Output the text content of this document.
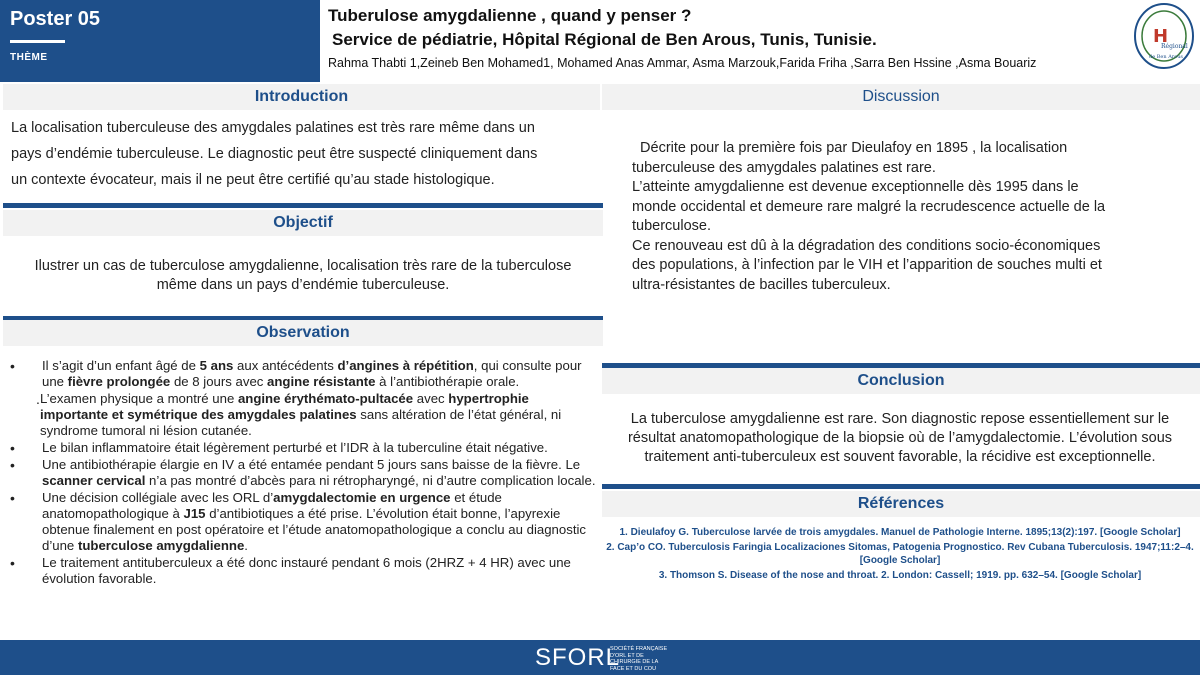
Poster 05
THÈME
Tuberulose amygdalienne , quand y penser ?
Service de pédiatrie, Hôpital Régional de Ben Arous, Tunis, Tunisie.
Rahma Thabti 1,Zeineb Ben Mohamed1, Mohamed Anas Ammar, Asma Marzouk,Farida Friha ,Sarra Ben Hssine ,Asma Bouariz
H
Régional
de Ben Arous
Introduction
La localisation tuberculeuse des amygdales palatines est très rare même dans un
pays d’endémie tuberculeuse. Le diagnostic peut être suspecté cliniquement dans
un contexte évocateur, mais il ne peut être certifié qu’au stade histologique.
Objectif
Ilustrer un cas de tuberculose amygdalienne, localisation très rare de la tuberculose
même dans un pays d’endémie tuberculeuse.
Observation
• Il s’agit d’un enfant âgé de 5 ans aux antécédents d’angines à répétition, qui consulte pour une fièvre prolongée de 8 jours avec angine résistante à l’antibiothérapie orale.
. L’examen physique a montré une angine érythémato-pultacée avec hypertrophie importante et symétrique des amygdales palatines sans altération de l’état général, ni syndrome tumoral ni lésion cutanée.
• Le bilan inflammatoire était légèrement perturbé et l’IDR à la tuberculine était négative.
• Une antibiothérapie élargie en IV a été entamée pendant 5 jours sans baisse de la fièvre. Le scanner cervical n’a pas montré d’abcès para ni rétropharyngé, ni d’autre complication locale.
• Une décision collégiale avec les ORL d’amygdalectomie en urgence et étude anatomopathologique à J15 d’antibiotiques a été prise. L’évolution était bonne, l’apyrexie obtenue finalement en post opératoire et l’étude anatomopathologique a conclu au diagnostic d’une tuberculose amygdalienne.
• Le traitement antituberculeux a été donc instauré pendant 6 mois (2HRZ + 4 HR) avec une évolution favorable.
Discussion
Décrite pour la première fois par Dieulafoy en 1895 , la localisation
tuberculeuse des amygdales palatines est rare.
L’atteinte amygdalienne est devenue exceptionnelle dès 1995 dans le
monde occidental et demeure rare malgré la recrudescence actuelle de la
tuberculose.
Ce renouveau est dû à la dégradation des conditions socio-économiques
des populations, à l’infection par le VIH et l’apparition de souches multi et
ultra-résistantes de bacilles tuberculeux.
Conclusion
La tuberculose amygdalienne est rare. Son diagnostic repose essentiellement sur le
résultat anatomopathologique de la biopsie où de l’amygdalectomie. L’évolution sous
traitement anti-tuberculeux est souvent favorable, la récidive est exceptionnelle.
Références
1. Dieulafoy G. Tuberculose larvée de trois amygdales. Manuel de Pathologie Interne. 1895;13(2):197. [Google Scholar]
2. Cap’o CO. Tuberculosis Faringia Localizaciones Sitomas, Patogenia Prognostico. Rev Cubana Tuberculosis. 1947;11:2–4. [Google Scholar]
3. Thomson S. Disease of the nose and throat. 2. London: Cassell; 1919. pp. 632–54. [Google Scholar]
SFORL
SOCIÉTÉ FRANÇAISE D'ORL ET DE CHIRURGIE DE LA FACE ET DU COU
